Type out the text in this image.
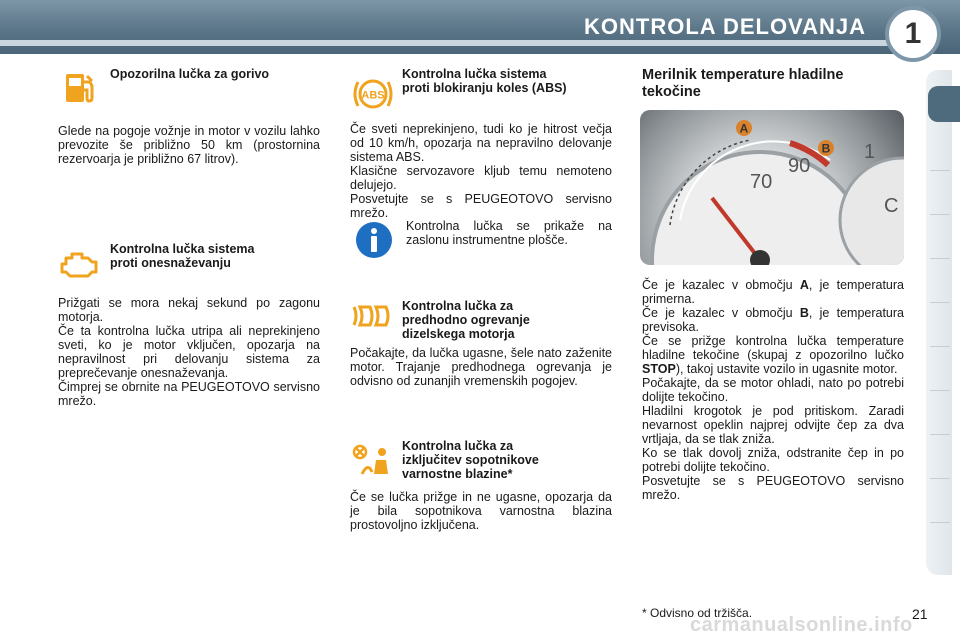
KONTROLA DELOVANJA	1
Opozorilna lučka za gorivo
Glede na pogoje vožnje in motor v vozilu lahko prevozite še približno 50 km (prostornina rezervoarja je približno 67 litrov).
Kontrolna lučka sistema
proti onesnaževanju

Prižgati se mora nekaj sekund po zagonu motorja.

Če ta kontrolna lučka utripa ali neprekinjeno sveti, ko je motor vključen, opozarja na nepravilnost pri delovanju sistema za preprečevanje onesnaževanja.

Čimprej se obrnite na PEUGEOTOVO servisno mrežo.

ABS
Kontrolna lučka sistema
proti blokiranju koles (ABS)

Če sveti neprekinjeno, tudi ko je hitrost večja od 10 km/h, opozarja na nepravilno delovanje sistema ABS.

Klasične servozavore kljub temu nemoteno delujejo.

Posvetujte se s PEUGEOTOVO servisno mrežo.

Kontrolna lučka se prikaže na zaslonu instrumentne plošče.
Kontrolna lučka za
predhodno ogrevanje
dizelskega motorja
Počakajte, da lučka ugasne, šele nato zaženite motor. Trajanje predhodnega ogrevanja je odvisno od zunanjih vremenskih pogojev.
Kontrolna lučka za
izključitev sopotnikove
varnostne blazine*
Če se lučka prižge in ne ugasne, opozarja da je bila sopotnikova varnostna blazina prostovoljno izključena.
Merilnik temperature hladilne
tekočine
A
B
70
90
1
C

Če je kazalec v območju A, je temperatura primerna.

Če je kazalec v območju B, je temperatura previsoka.

Če se prižge kontrolna lučka temperature hladilne tekočine (skupaj z opozorilno lučko STOP), takoj ustavite vozilo in ugasnite motor.

Počakajte, da se motor ohladi, nato po potrebi dolijte tekočino.

Hladilni krogotok je pod pritiskom. Zaradi nevarnost opeklin najprej odvijte čep za dva vrtljaja, da se tlak zniža.

Ko se tlak dovolj zniža, odstranite čep in po potrebi dolijte tekočino.

Posvetujte se s PEUGEOTOVO servisno mrežo.

* Odvisno od tržišča.
carmanualsonline.info 21
